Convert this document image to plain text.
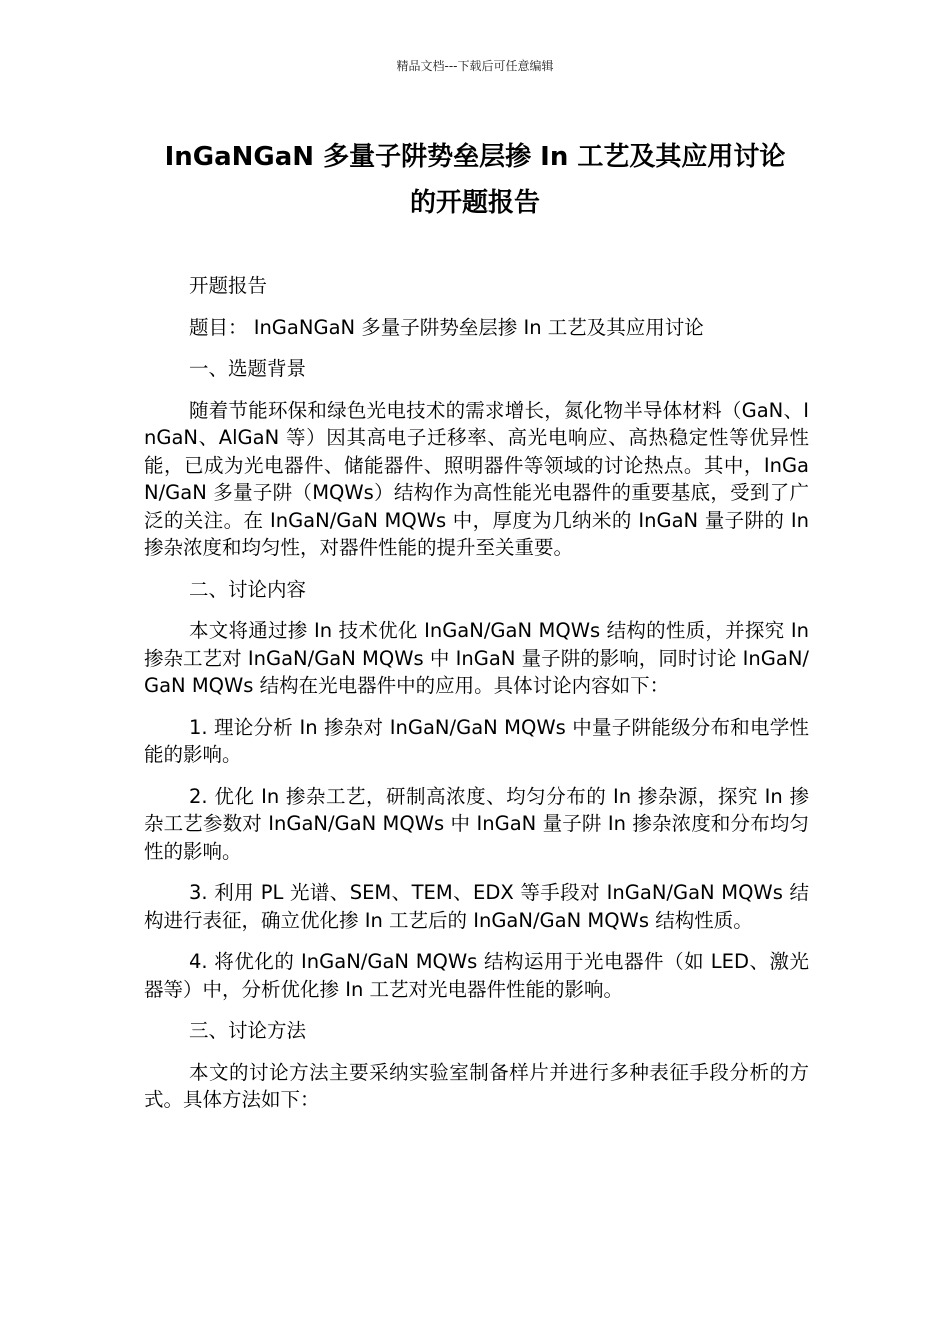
精品文档---下载后可任意编辑
InGaNGaN 多量子阱势垒层掺 In 工艺及其应用讨论
的开题报告

开题报告

题目： InGaNGaN 多量子阱势垒层掺 In 工艺及其应用讨论

一、选题背景

随着节能环保和绿色光电技术的需求增长，氮化物半导体材料（GaN、InGaN、AlGaN 等）因其高电子迁移率、高光电响应、高热稳定性等优异性能，已成为光电器件、储能器件、照明器件等领域的讨论热点。其中，InGaN/GaN 多量子阱（MQWs）结构作为高性能光电器件的重要基底，受到了广泛的关注。在 InGaN/GaN MQWs 中，厚度为几纳米的 InGaN 量子阱的 In 掺杂浓度和均匀性，对器件性能的提升至关重要。

二、讨论内容

本文将通过掺 In 技术优化 InGaN/GaN MQWs 结构的性质，并探究 In 掺杂工艺对 InGaN/GaN MQWs 中 InGaN 量子阱的影响，同时讨论 InGaN/GaN MQWs 结构在光电器件中的应用。具体讨论内容如下：

1. 理论分析 In 掺杂对 InGaN/GaN MQWs 中量子阱能级分布和电学性能的影响。

2. 优化 In 掺杂工艺，研制高浓度、均匀分布的 In 掺杂源，探究 In 掺杂工艺参数对 InGaN/GaN MQWs 中 InGaN 量子阱 In 掺杂浓度和分布均匀性的影响。

3. 利用 PL 光谱、SEM、TEM、EDX 等手段对 InGaN/GaN MQWs 结构进行表征，确立优化掺 In 工艺后的 InGaN/GaN MQWs 结构性质。

4. 将优化的 InGaN/GaN MQWs 结构运用于光电器件（如 LED、激光器等）中，分析优化掺 In 工艺对光电器件性能的影响。

三、讨论方法

本文的讨论方法主要采纳实验室制备样片并进行多种表征手段分析的方式。具体方法如下：
